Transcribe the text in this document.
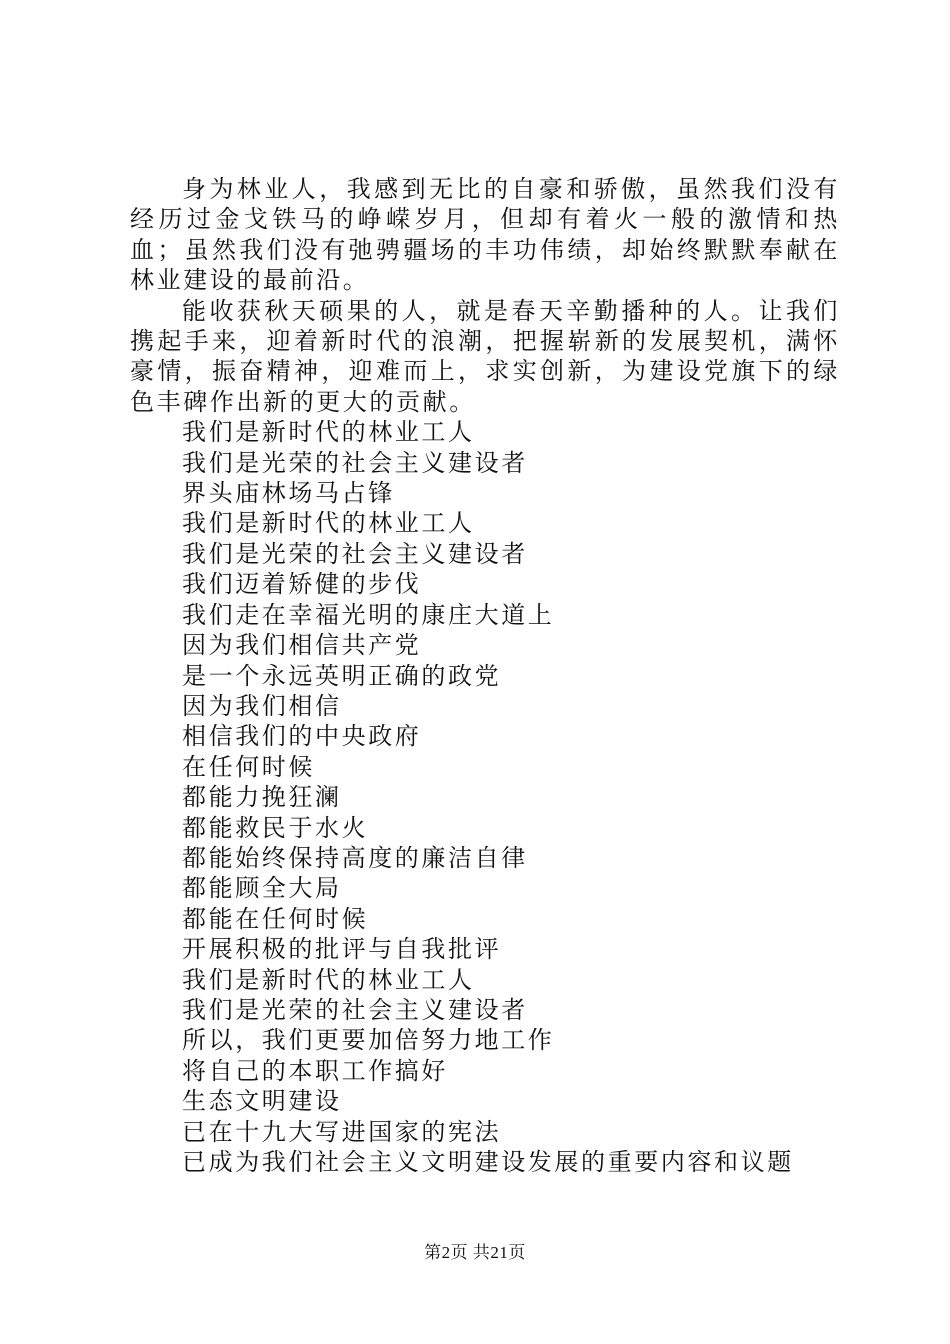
身为林业人，我感到无比的自豪和骄傲，虽然我们没有经历过金戈铁马的峥嵘岁月，但却有着火一般的激情和热血；虽然我们没有弛骋疆场的丰功伟绩，却始终默默奉献在林业建设的最前沿。

能收获秋天硕果的人，就是春天辛勤播种的人。让我们携起手来，迎着新时代的浪潮，把握崭新的发展契机，满怀豪情，振奋精神，迎难而上，求实创新，为建设党旗下的绿色丰碑作出新的更大的贡献。

我们是新时代的林业工人
我们是光荣的社会主义建设者
界头庙林场马占锋
我们是新时代的林业工人
我们是光荣的社会主义建设者
我们迈着矫健的步伐
我们走在幸福光明的康庄大道上
因为我们相信共产党
是一个永远英明正确的政党
因为我们相信
相信我们的中央政府
在任何时候
都能力挽狂澜
都能救民于水火
都能始终保持高度的廉洁自律
都能顾全大局
都能在任何时候
开展积极的批评与自我批评
我们是新时代的林业工人
我们是光荣的社会主义建设者
所以，我们更要加倍努力地工作
将自己的本职工作搞好
生态文明建设
已在十九大写进国家的宪法
已成为我们社会主义文明建设发展的重要内容和议题
第2页 共21页
